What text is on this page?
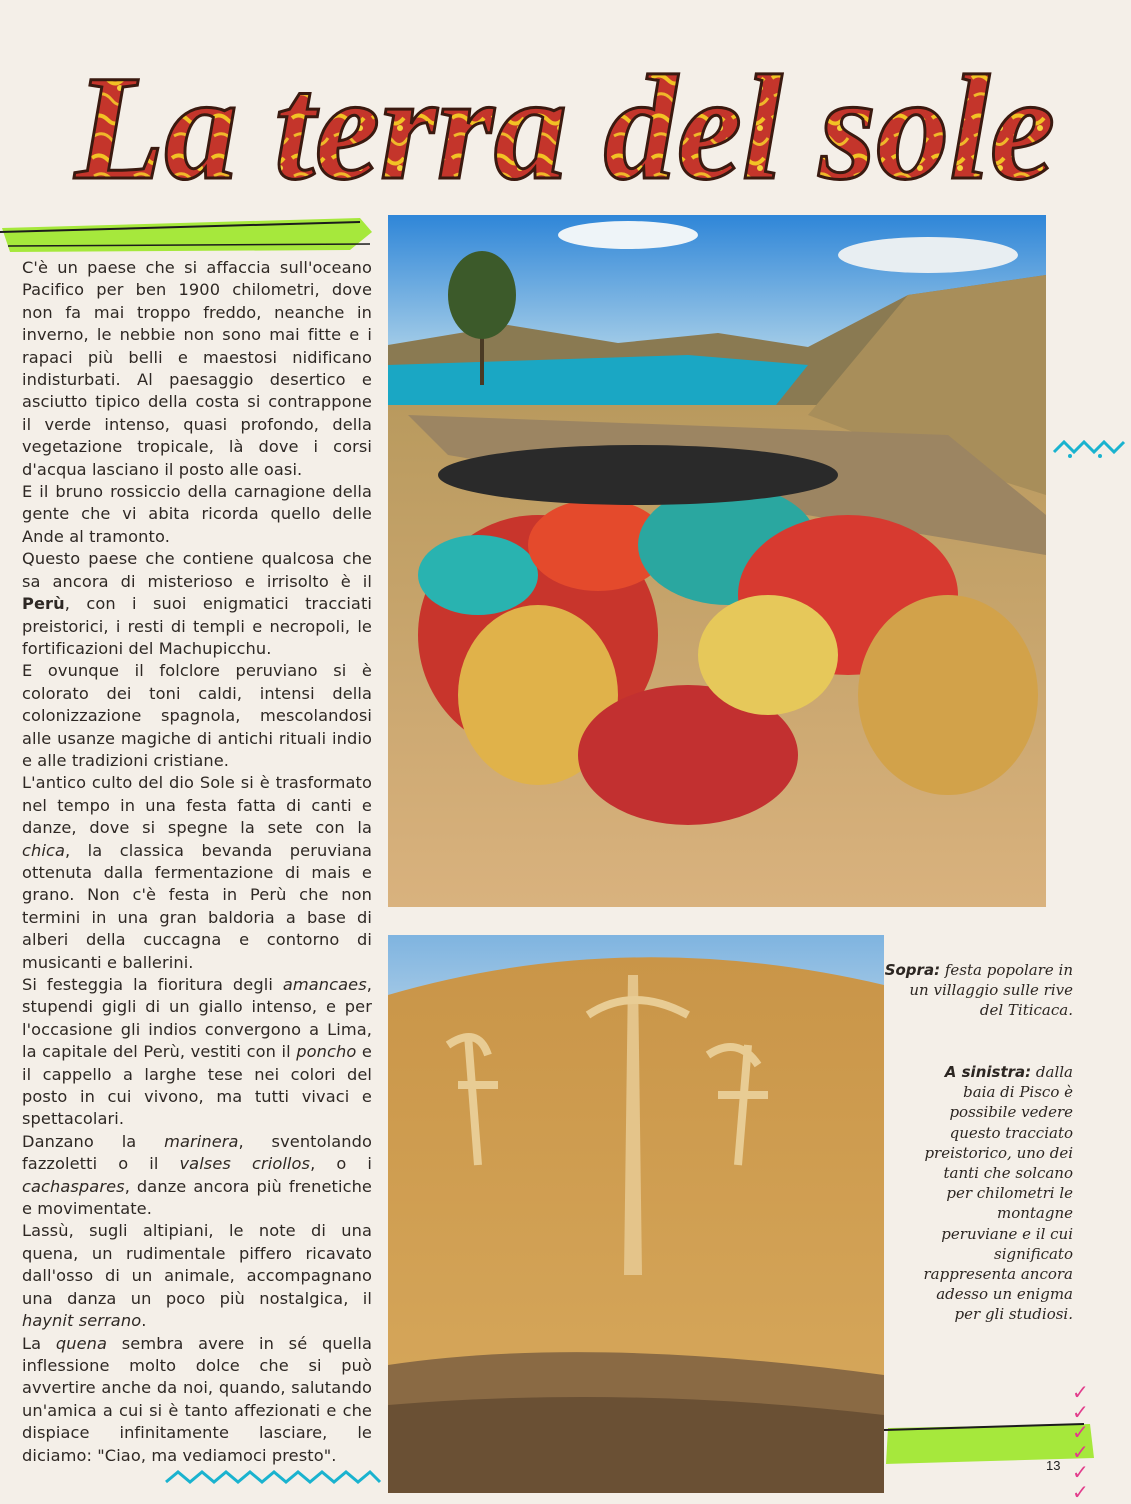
La terra del sole

C'è un paese che si affaccia sull'oceano Pacifico per ben 1900 chilometri, dove non fa mai troppo freddo, neanche in inverno, le nebbie non sono mai fitte e i rapaci più belli e maestosi nidificano indisturbati. Al paesaggio desertico e asciutto tipico della costa si contrappone il verde intenso, quasi profondo, della vegetazione tropicale, là dove i corsi d'acqua lasciano il posto alle oasi.

E il bruno rossiccio della carnagione della gente che vi abita ricorda quello delle Ande al tramonto.

Questo paese che contiene qualcosa che sa ancora di misterioso e irrisolto è il Perù, con i suoi enigmatici tracciati preistorici, i resti di templi e necropoli, le fortificazioni del Machupicchu.

E ovunque il folclore peruviano si è colorato dei toni caldi, intensi della colonizzazione spagnola, mescolandosi alle usanze magiche di antichi rituali indio e alle tradizioni cristiane.

L'antico culto del dio Sole si è trasformato nel tempo in una festa fatta di canti e danze, dove si spegne la sete con la chica, la classica bevanda peruviana ottenuta dalla fermentazione di mais e grano. Non c'è festa in Perù che non termini in una gran baldoria a base di alberi della cuccagna e contorno di musicanti e ballerini.

Si festeggia la fioritura degli amancaes, stupendi gigli di un giallo intenso, e per l'occasione gli indios convergono a Lima, la capitale del Perù, vestiti con il poncho e il cappello a larghe tese nei colori del posto in cui vivono, ma tutti vivaci e spettacolari.

Danzano la marinera, sventolando fazzoletti o il valses criollos, o i cachaspares, danze ancora più frenetiche e movimentate.

Lassù, sugli altipiani, le note di una quena, un rudimentale piffero ricavato dall'osso di un animale, accompagnano una danza un poco più nostalgica, il haynit serrano.

La quena sembra avere in sé quella inflessione molto dolce che si può avvertire anche da noi, quando, salutando un'amica a cui si è tanto affezionati e che dispiace infinitamente lasciare, le diciamo: "Ciao, ma vediamoci presto".

Sopra: festa popolare in un villaggio sulle rive del Titicaca.
A sinistra: dalla baia di Pisco è possibile vedere questo tracciato preistorico, uno dei tanti che solcano per chilometri le montagne peruviane e il cui significato rappresenta ancora adesso un enigma per gli studiosi.
✓
✓
✓
✓
✓
✓
13
